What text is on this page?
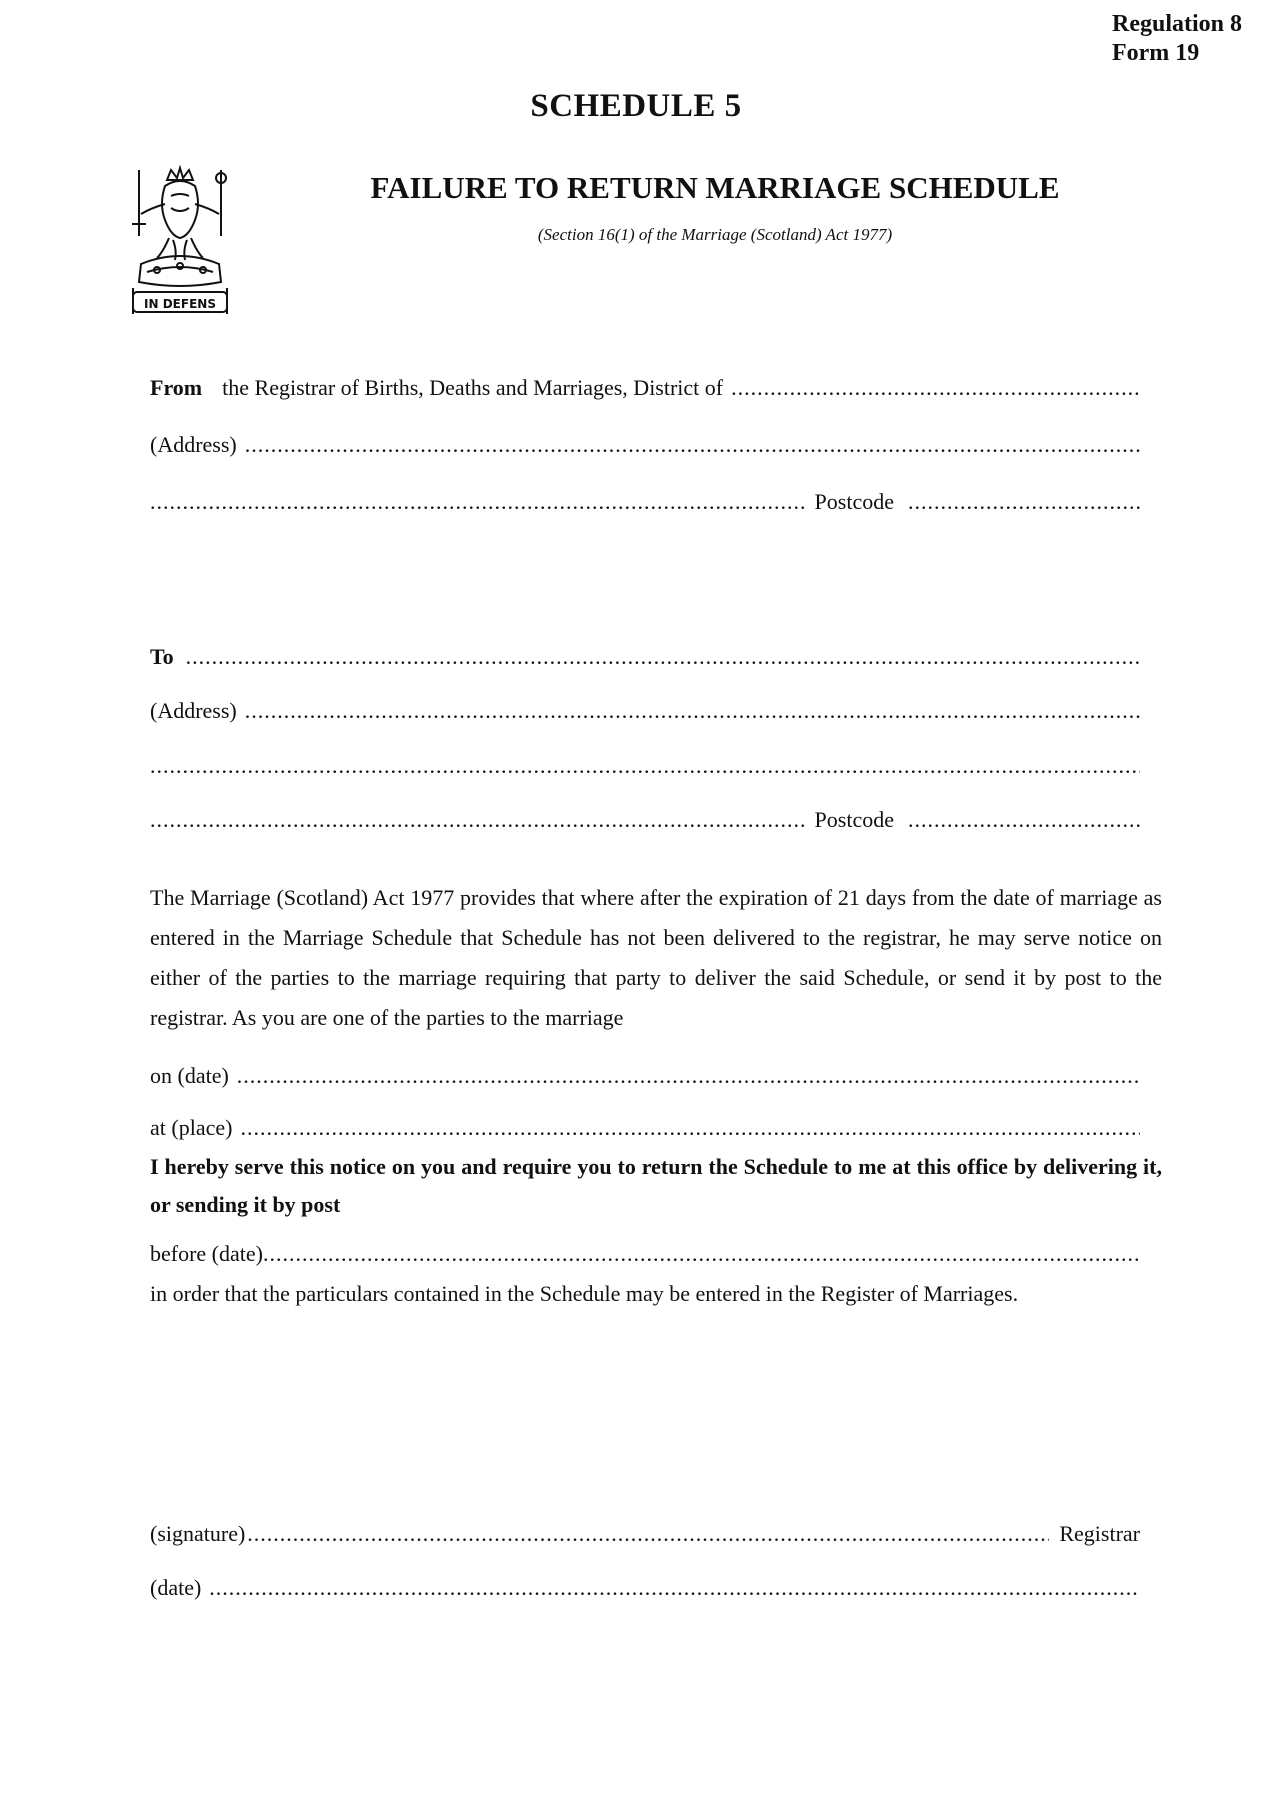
Regulation 8
Form 19
SCHEDULE 5
IN DEFENS
FAILURE TO RETURN MARRIAGE SCHEDULE
(Section 16(1) of the Marriage (Scotland) Act 1977)
From the Registrar of Births, Deaths and Marriages, District of
.....
(Address)
.....
.....
Postcode
.....
To
.....
(Address)
.....
.....
.....
Postcode
.....
The Marriage (Scotland) Act 1977 provides that where after the expiration of 21 days from the date of marriage as entered in the Marriage Schedule that Schedule has not been delivered to the registrar, he may serve notice on either of the parties to the marriage requiring that party to deliver the said Schedule, or send it by post to the registrar. As you are one of the parties to the marriage
on (date)
.....
at (place)
.....
I hereby serve this notice on you and require you to return the Schedule to me at this office by delivering it, or sending it by post
before (date)
.....
in order that the particulars contained in the Schedule may be entered in the Register of Marriages.
(signature)
.....	Registrar
(date)
.....
